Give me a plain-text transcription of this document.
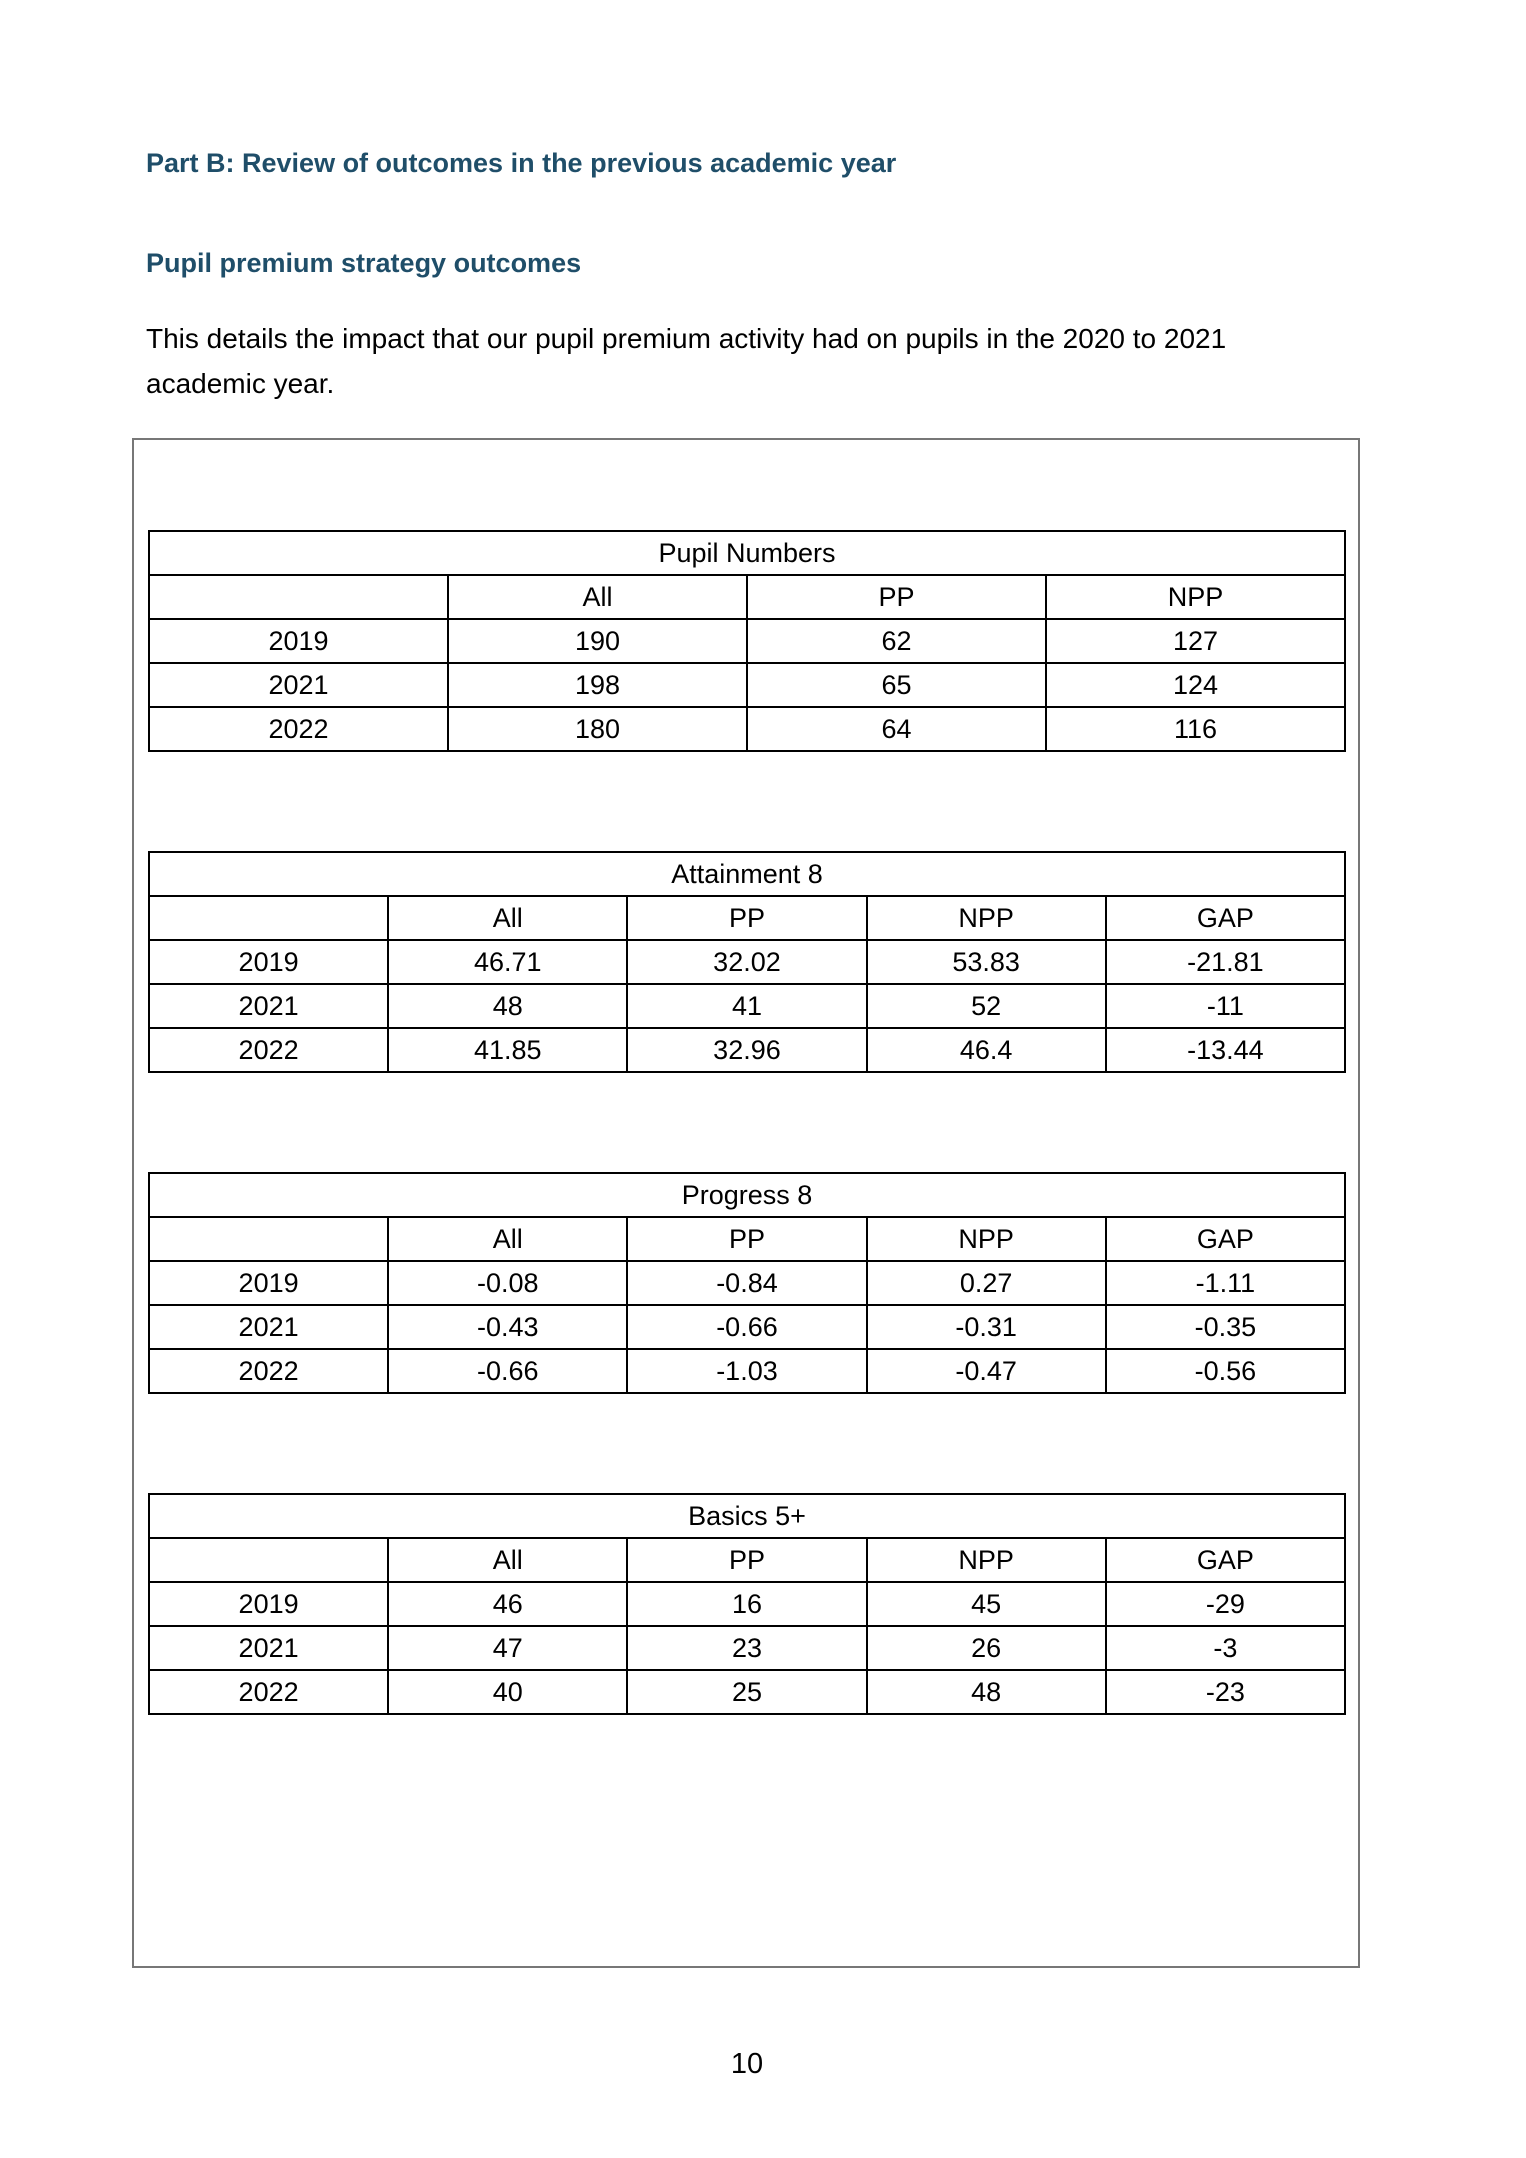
Part B: Review of outcomes in the previous academic year
Pupil premium strategy outcomes

This details the impact that our pupil premium activity had on pupils in the 2020 to 2021
academic year.

Pupil Numbers			
	All	PP	NPP
2019	190	62	127
2021	198	65	124
2022	180	64	116
Attainment 8				
	All	PP	NPP	GAP
2019	46.71	32.02	53.83	-21.81
2021	48	41	52	-11
2022	41.85	32.96	46.4	-13.44
Progress 8				
	All	PP	NPP	GAP
2019	-0.08	-0.84	0.27	-1.11
2021	-0.43	-0.66	-0.31	-0.35
2022	-0.66	-1.03	-0.47	-0.56
Basics 5+				
	All	PP	NPP	GAP
2019	46	16	45	-29
2021	47	23	26	-3
2022	40	25	48	-23
10
